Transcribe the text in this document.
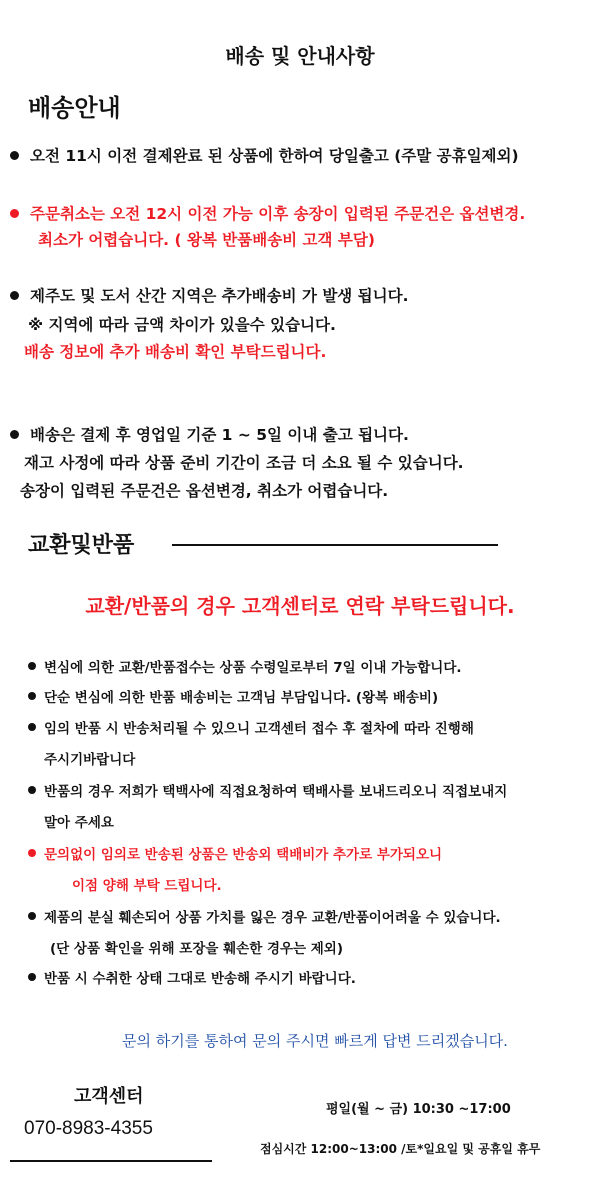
배송 및 안내사항
배송안내
오전 11시 이전 결제완료 된 상품에 한하여 당일출고 (주말 공휴일제외)
주문취소는 오전 12시 이전 가능 이후 송장이 입력된 주문건은 옵션변경.
최소가 어렵습니다. ( 왕복 반품배송비 고객 부담)
제주도 및 도서 산간 지역은 추가배송비 가 발생 됩니다.
※ 지역에 따라 금액 차이가 있을수 있습니다.
배송 정보에 추가 배송비 확인 부탁드립니다.
배송은 결제 후 영업일 기준 1 ~ 5일 이내 출고 됩니다.
재고 사정에 따라 상품 준비 기간이 조금 더 소요 될 수 있습니다.
송장이 입력된 주문건은 옵션변경, 취소가 어렵습니다.
교환및반품
교환/반품의 경우 고객센터로 연락 부탁드립니다.
변심에 의한 교환/반품접수는 상품 수령일로부터 7일 이내 가능합니다.
단순 변심에 의한 반품 배송비는 고객님 부담입니다. (왕복 배송비)
임의 반품 시 반송처리될 수 있으니 고객센터 접수 후 절차에 따라 진행해
주시기바랍니다
반품의 경우 저희가 택백사에 직접요청하여 택배사를 보내드리오니 직접보내지
말아 주세요
문의없이 임의로 반송된 상품은 반송외 택배비가 추가로 부가되오니
이점 양해 부탁 드립니다.
제품의 분실 훼손되어 상품 가치를 잃은 경우 교환/반품이어려울 수 있습니다.
(단 상품 확인을 위해 포장을 훼손한 경우는 제외)
반품 시 수취한 상태 그대로 반송해 주시기 바랍니다.
문의 하기를 통하여 문의 주시면 빠르게 답변 드리겠습니다.
고객센터
070-8983-4355
평일(월 ~ 금) 10:30 ~17:00
점심시간 12:00~13:00 /토*일요일 및 공휴일 휴무
